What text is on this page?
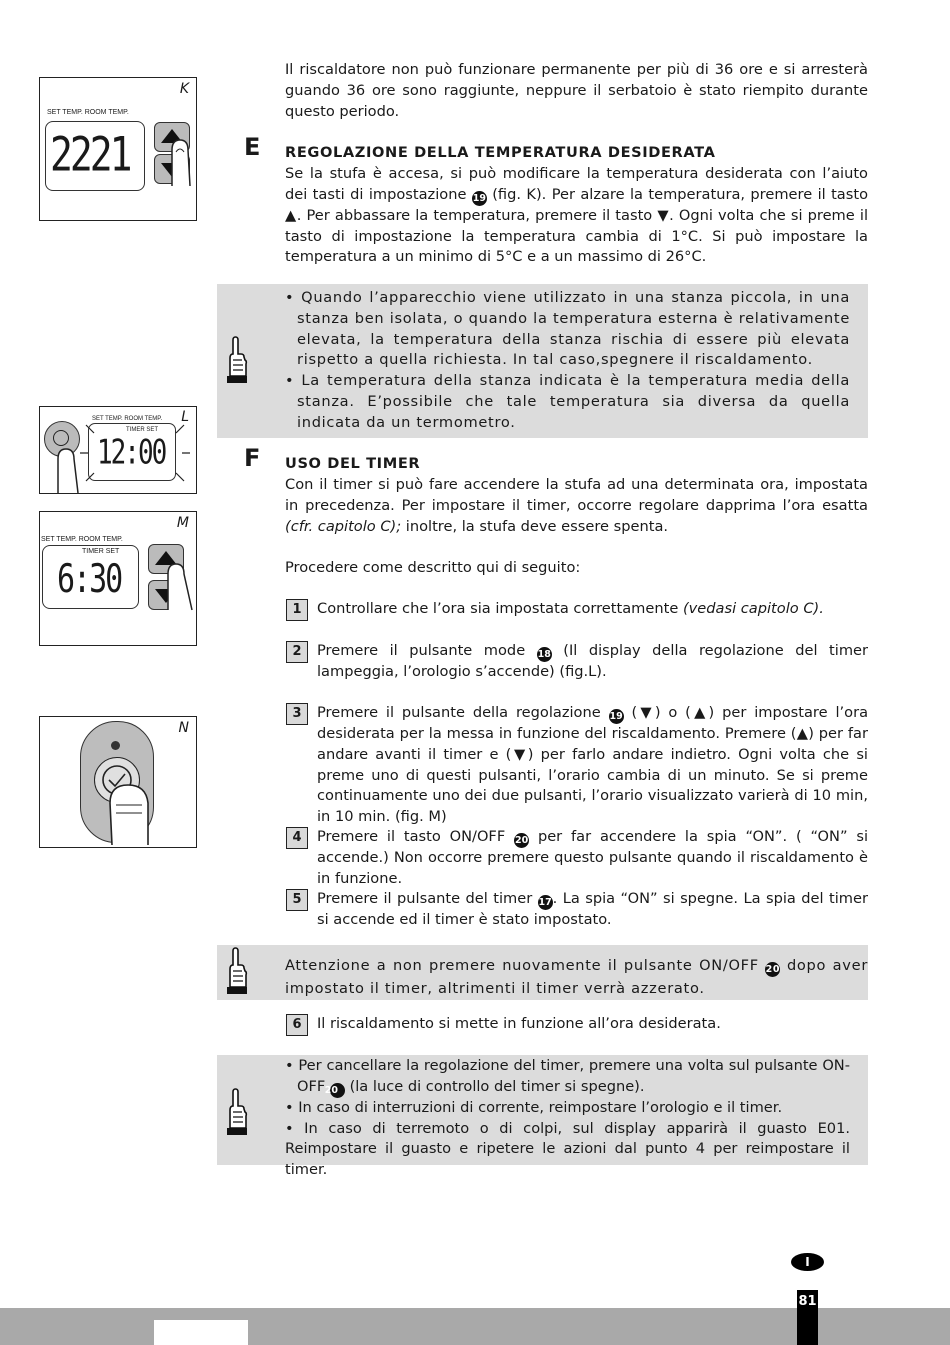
Il riscaldatore non può funzionare permanente per più di 36 ore e si arresterà guando 36 ore sono raggiunte, neppure il serbatoio è stato riempito durante questo periodo.
E REGOLAZIONE DELLA TEMPERATURA DESIDERATA
Se la stufa è accesa, si può modificare la temperatura desiderata con l’aiuto dei tasti di impostazione 19 (fig. K). Per alzare la temperatura, premere il tasto ▲. Per abbassare la temperatura, premere il tasto ▼. Ogni volta che si preme il tasto di impostazione la temperatura cambia di 1°C. Si può impostare la temperatura a un minimo di 5°C e a un massimo di 26°C.
• Quando l’apparecchio viene utilizzato in una stanza piccola, in una stanza ben isolata, o quando la temperatura esterna è relativamente elevata, la temperatura della stanza rischia di essere più elevata rispetto a quella richiesta. In tal caso,spegnere il riscaldamento.
• La temperatura della stanza indicata è la temperatura media della stanza. E’possibile che tale temperatura sia diversa da quella indicata da un termometro.
F USO DEL TIMER
Con il timer si può fare accendere la stufa ad una determinata ora, impostata in precedenza. Per impostare il timer, occorre regolare dapprima l’ora esatta (cfr. capitolo C); inoltre, la stufa deve essere spenta.
Procedere come descritto qui di seguito:
1	Controllare che l’ora sia impostata correttamente (vedasi capitolo C).
2	Premere il pulsante mode 18 (Il display della regolazione del timer lampeggia, l’orologio s’accende) (fig.L).
3	Premere il pulsante della regolazione 19 (▼) o (▲) per impostare l’ora desiderata per la messa in funzione del riscaldamento. Premere (▲) per far andare avanti il timer e (▼) per farlo andare indietro. Ogni volta che si preme uno di questi pulsanti, l’orario cambia di un minuto. Se si preme continuamente uno dei due pulsanti, l’orario visualizzato varierà di 10 min, in 10 min. (fig. M)
4	Premere il tasto ON/OFF 20 per far accendere la spia “ON”. ( “ON” si accende.) Non occorre premere questo pulsante quando il riscaldamento è in funzione.
5	Premere il pulsante del timer 17. La spia “ON” si spegne. La spia del timer si accende ed il timer è stato impostato.
Attenzione a non premere nuovamente il pulsante ON/OFF 20 dopo aver impostato il timer, altrimenti il timer verrà azzerato.
6	Il riscaldamento si mette in funzione all’ora desiderata.
• Per cancellare la regolazione del timer, premere una volta sul pulsante ON-OFF 20 (la luce di controllo del timer si spegne).
• In caso di interruzioni di corrente, reimpostare l’orologio e il timer.
• In caso di terremoto o di colpi, sul display apparirà il guasto E01. Reimpostare il guasto e ripetere le azioni dal punto 4 per reimpostare il timer.
K
SET TEMP. ROOM TEMP.
2221
L
SET TEMP. ROOM TEMP.
TIMER SET
12:00
M
SET TEMP. ROOM TEMP.
TIMER SET
6:30
N
I
81
